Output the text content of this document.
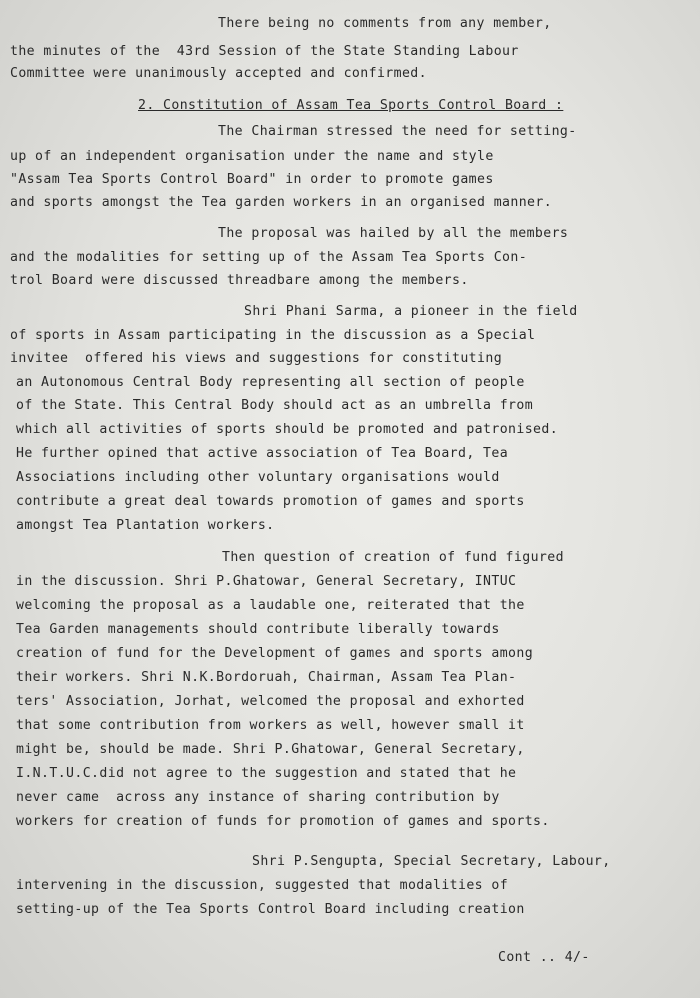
There being no comments from any member,
the minutes of the  43rd Session of the State Standing Labour
Committee were unanimously accepted and confirmed.
2. Constitution of Assam Tea Sports Control Board :
The Chairman stressed the need for setting-
up of an independent organisation under the name and style
"Assam Tea Sports Control Board" in order to promote games
and sports amongst the Tea garden workers in an organised manner.
The proposal was hailed by all the members
and the modalities for setting up of the Assam Tea Sports Con-
trol Board were discussed threadbare among the members.
Shri Phani Sarma, a pioneer in the field
of sports in Assam participating in the discussion as a Special
invitee  offered his views and suggestions for constituting
an Autonomous Central Body representing all section of people
of the State. This Central Body should act as an umbrella from
which all activities of sports should be promoted and patronised.
He further opined that active association of Tea Board, Tea
Associations including other voluntary organisations would
contribute a great deal towards promotion of games and sports
amongst Tea Plantation workers.
Then question of creation of fund figured
in the discussion. Shri P.Ghatowar, General Secretary, INTUC
welcoming the proposal as a laudable one, reiterated that the
Tea Garden managements should contribute liberally towards
creation of fund for the Development of games and sports among
their workers. Shri N.K.Bordoruah, Chairman, Assam Tea Plan-
ters' Association, Jorhat, welcomed the proposal and exhorted
that some contribution from workers as well, however small it
might be, should be made. Shri P.Ghatowar, General Secretary,
I.N.T.U.C.did not agree to the suggestion and stated that he
never came  across any instance of sharing contribution by
workers for creation of funds for promotion of games and sports.
Shri P.Sengupta, Special Secretary, Labour,
intervening in the discussion, suggested that modalities of
setting-up of the Tea Sports Control Board including creation
Cont .. 4/-
